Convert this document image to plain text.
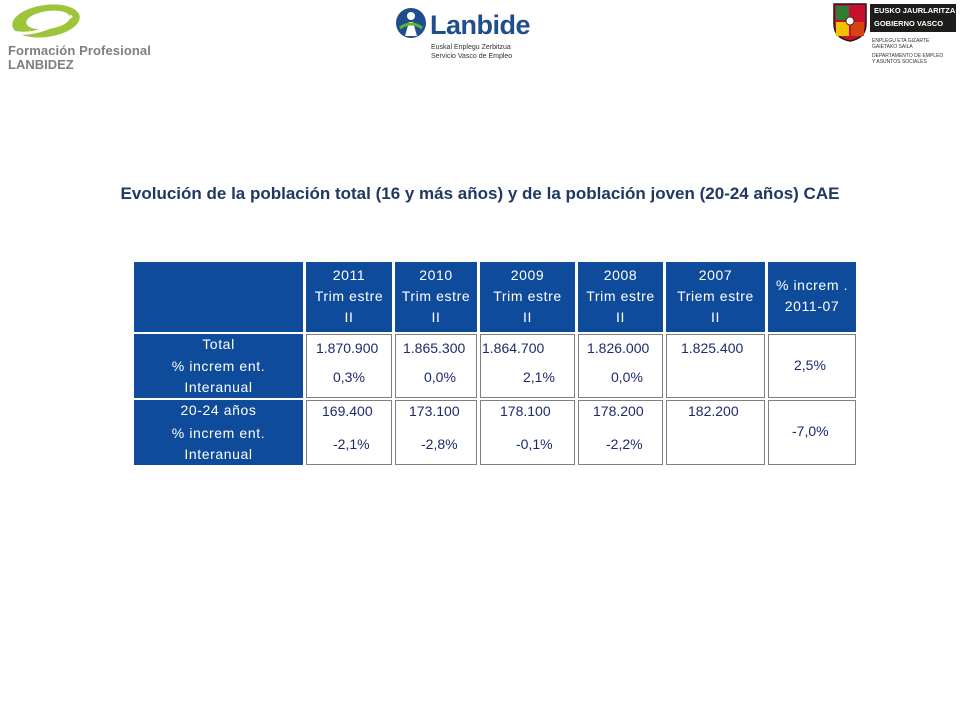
Formación Profesional
LANBIDEZ
Lanbide
Euskal Enplegu Zerbitzua
Servicio Vasco de Empleo
EUSKO JAURLARITZA
GOBIERNO VASCO
ENPLEGU ETA GIZARTE
GAIETAKO SAILA
DEPARTAMENTO DE EMPLEO
Y ASUNTOS SOCIALES
Evolución de la población total (16 y más años) y de la población joven (20-24 años) CAE
2011
Trim estre
II
2010
Trim estre
II
2009
Trim estre
II
2008
Trim estre
II
2007
Triem estre
II
% increm .
2011-07
Total
% increm ent.
Interanual
1.870.900
0,3%
1.865.300
0,0%
1.864.700
2,1%
1.826.000
0,0%
1.825.400
2,5%
20-24 años
% increm ent.
Interanual
169.400
-2,1%
173.100
-2,8%
178.100
-0,1%
178.200
-2,2%
182.200
-7,0%
